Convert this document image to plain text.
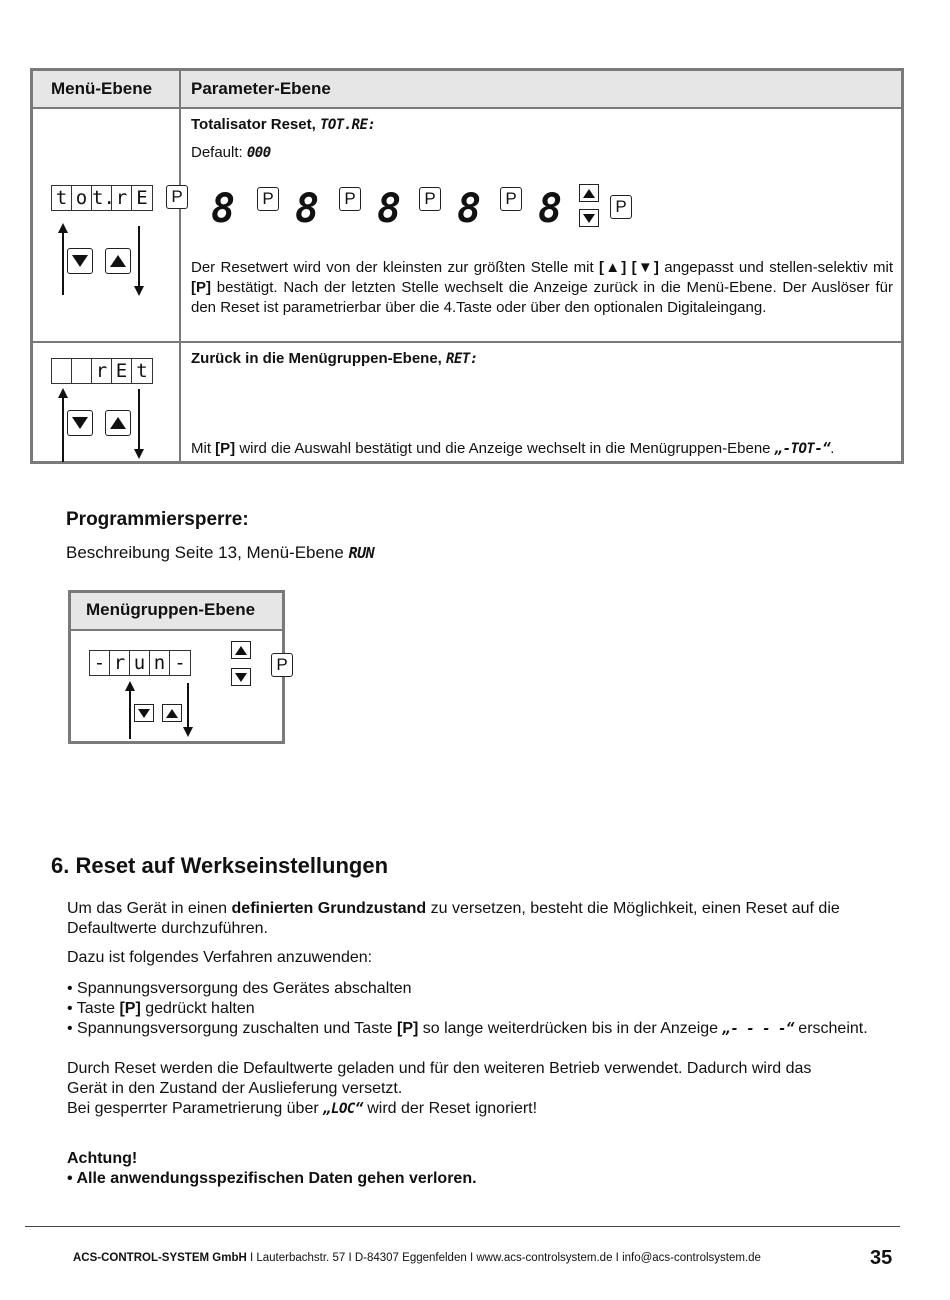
Menü-Ebene Parameter-Ebene
t o t. r E	P
Totalisator Reset, TOT.RE:
Default: 000
8	P 8	P 8	P 8	P 8	P
Der Resetwert wird von der kleinsten zur größten Stelle mit [▲] [▼] angepasst und stellen-selektiv mit [P] bestätigt. Nach der letzten Stelle wechselt die Anzeige zurück in die Menü-Ebene. Der Auslöser für den Reset ist parametrierbar über die 4.Taste oder über den optionalen Digitaleingang.
r E t
Zurück in die Menügruppen-Ebene, RET:
Mit [P] wird die Auswahl bestätigt und die Anzeige wechselt in die Menügruppen-Ebene „-TOT-“.
Programmiersperre:
Beschreibung Seite 13, Menü-Ebene RUN
Menügruppen-Ebene
- r u n -	P
6. Reset auf Werkseinstellungen
Um das Gerät in einen definierten Grundzustand zu versetzen, besteht die Möglichkeit, einen Reset auf die Defaultwerte durchzuführen.
Dazu ist folgendes Verfahren anzuwenden:
• Spannungsversorgung des Gerätes abschalten
• Taste [P] gedrückt halten
• Spannungsversorgung zuschalten und Taste [P] so lange weiterdrücken bis in der Anzeige „- - - -“ erscheint.
Durch Reset werden die Defaultwerte geladen und für den weiteren Betrieb verwendet. Dadurch wird das
Gerät in den Zustand der Auslieferung versetzt.
Bei gesperrter Parametrierung über „LOC“ wird der Reset ignoriert!
Achtung!
• Alle anwendungsspezifischen Daten gehen verloren.
ACS-CONTROL-SYSTEM GmbH I Lauterbachstr. 57 I D-84307 Eggenfelden I www.acs-controlsystem.de I info@acs-controlsystem.de	35
